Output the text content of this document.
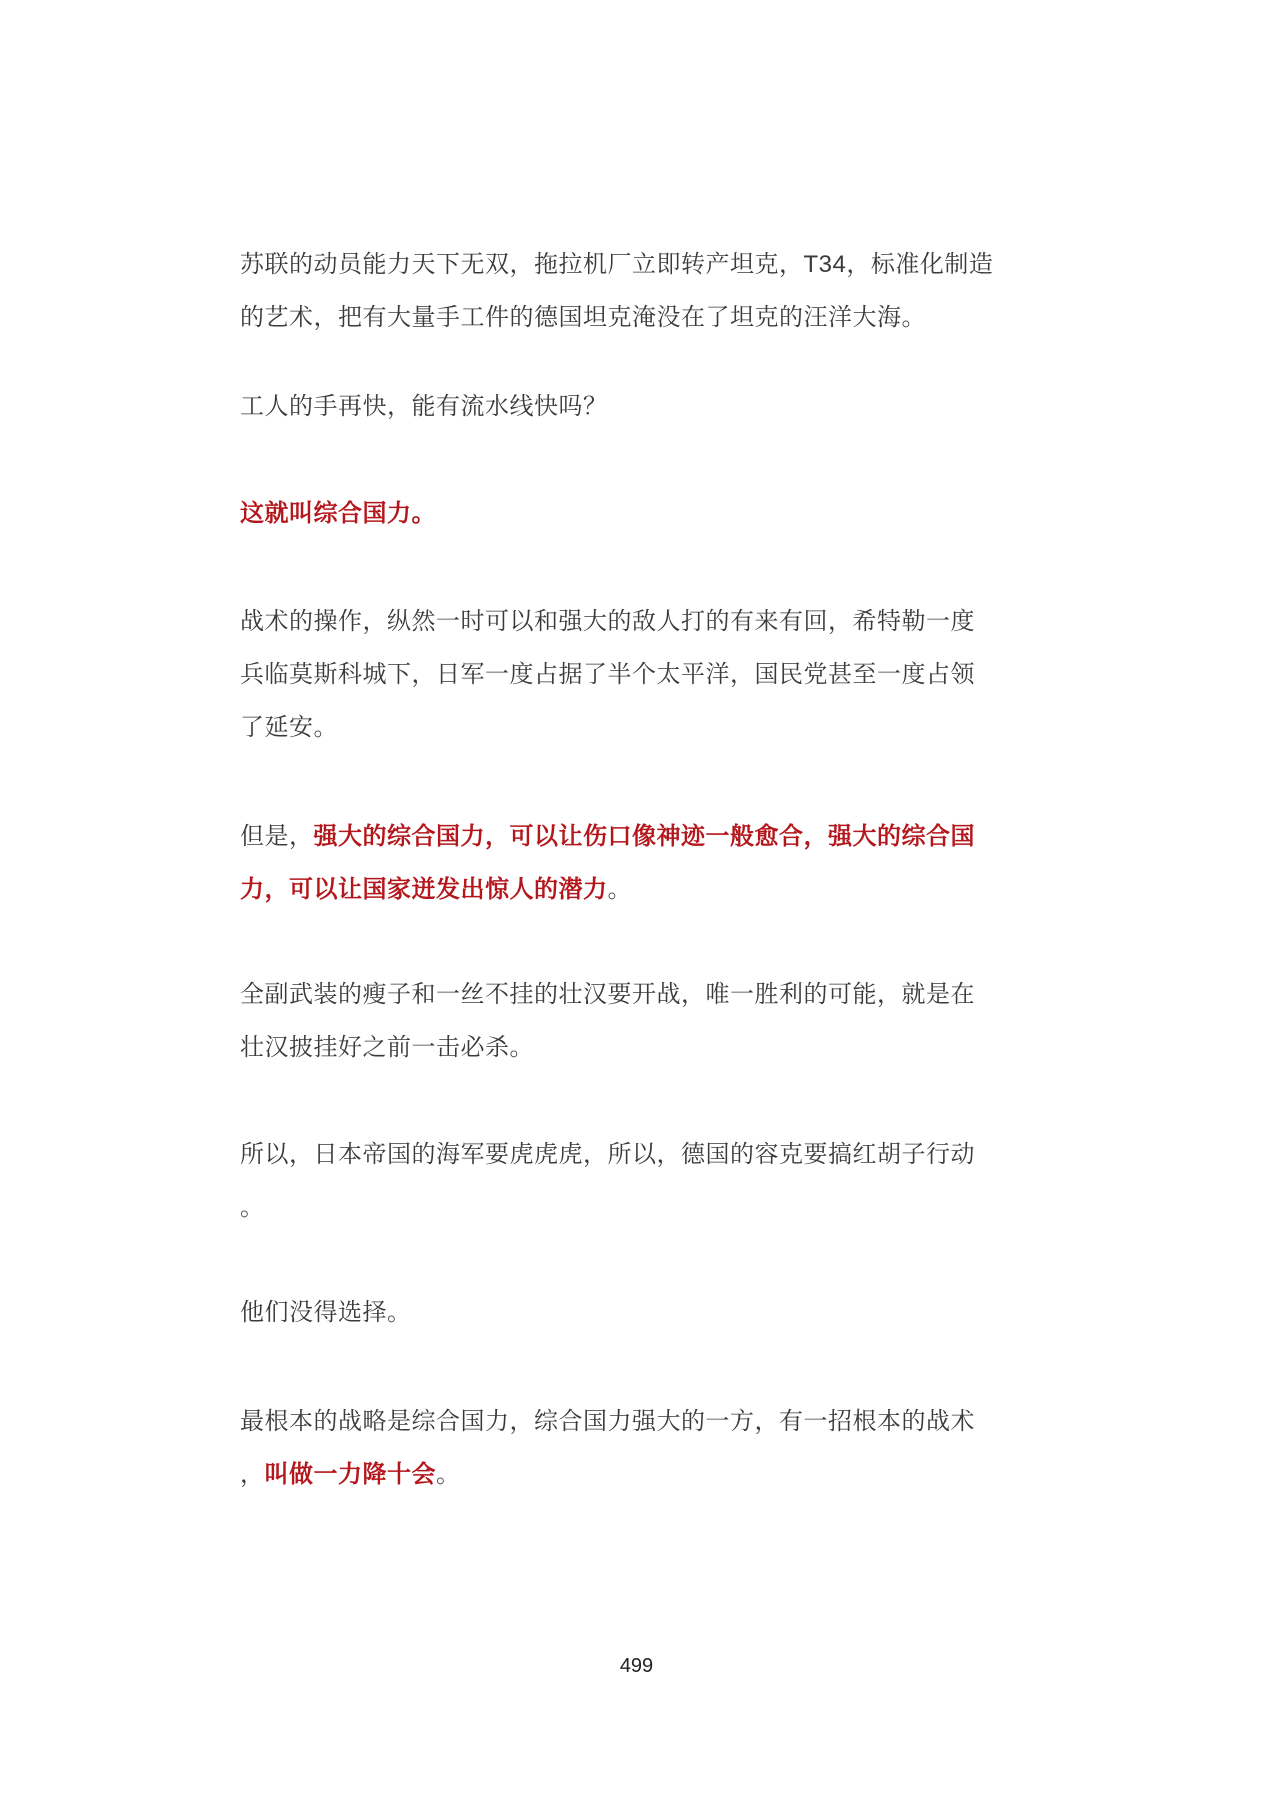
苏联的动员能力天下无双，拖拉机厂立即转产坦克，T34，标准化制造
的艺术，把有大量手工件的德国坦克淹没在了坦克的汪洋大海。

工人的手再快，能有流水线快吗？

这就叫综合国力。

战术的操作，纵然一时可以和强大的敌人打的有来有回，希特勒一度
兵临莫斯科城下，日军一度占据了半个太平洋，国民党甚至一度占领
了延安。

但是，强大的综合国力，可以让伤口像神迹一般愈合，强大的综合国
力，可以让国家迸发出惊人的潜力。

全副武装的瘦子和一丝不挂的壮汉要开战，唯一胜利的可能，就是在
壮汉披挂好之前一击必杀。

所以，日本帝国的海军要虎虎虎，所以，德国的容克要搞红胡子行动
。

他们没得选择。

最根本的战略是综合国力，综合国力强大的一方，有一招根本的战术
，叫做一力降十会。

499
